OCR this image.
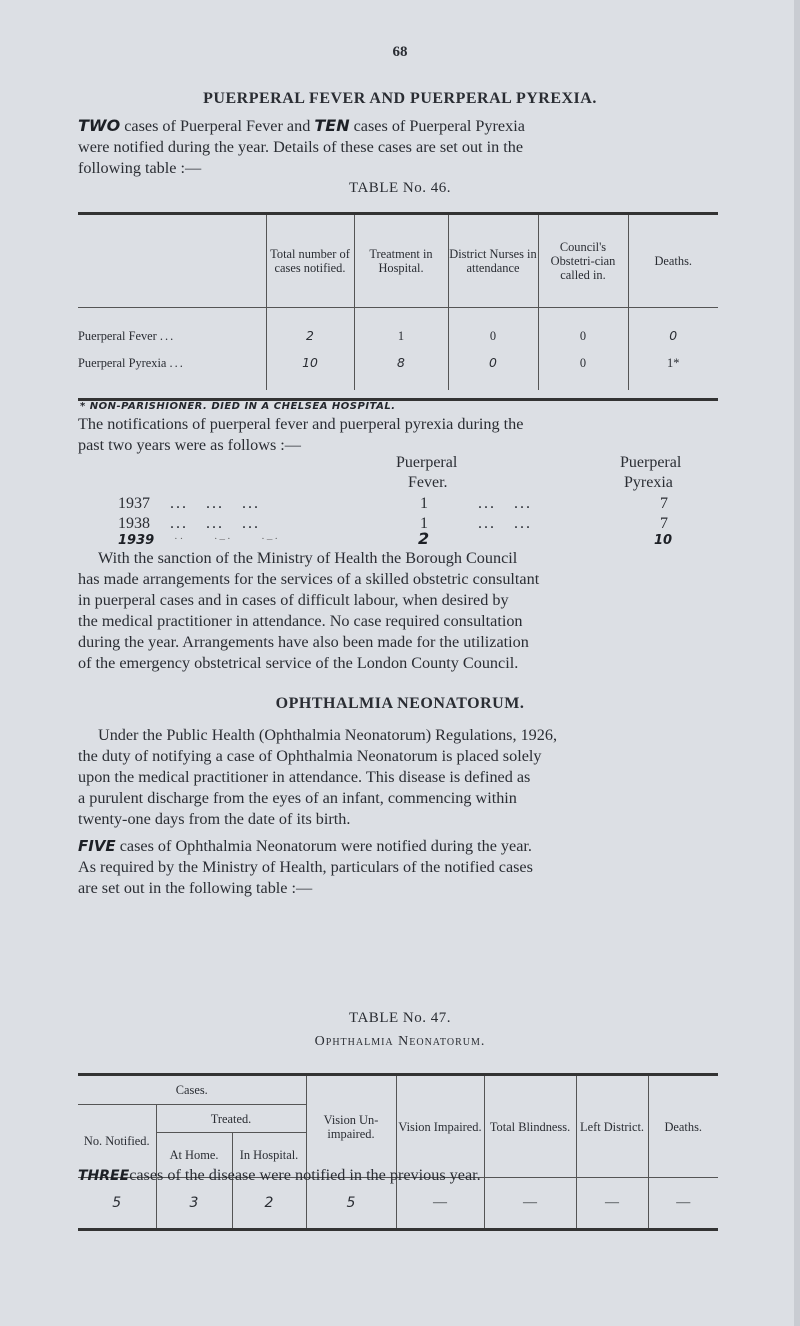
68
PUERPERAL FEVER AND PUERPERAL PYREXIA.

TWO cases of Puerperal Fever and TEN cases of Puerperal Pyrexia

were notified during the year. Details of these cases are set out in the

following table :—

TABLE No. 46.

	Total number of cases notified.	Treatment in Hospital.	District Nurses in attendance	Council's Obstetri-cian called in.	Deaths.

Puerperal Fever ...	2	1	0	0	0
Puerperal Pyrexia ...	10	8	0	0	1*

* NON-PARISHIONER. DIED IN A CHELSEA HOSPITAL.

The notifications of puerperal fever and puerperal pyrexia during the

past two years were as follows :—

Puerperal
Fever.
Puerperal
Pyrexia
1937 ...   ...   ...	1	...   ...	7
1938 ...   ...   ...	1	...   ...	7
1939 ··      ·–·      ·–·	2	10

With the sanction of the Ministry of Health the Borough Council

has made arrangements for the services of a skilled obstetric consultant

in puerperal cases and in cases of difficult labour, when desired by

the medical practitioner in attendance. No case required consultation

during the year. Arrangements have also been made for the utilization

of the emergency obstetrical service of the London County Council.

OPHTHALMIA NEONATORUM.

Under the Public Health (Ophthalmia Neonatorum) Regulations, 1926,

the duty of notifying a case of Ophthalmia Neonatorum is placed solely

upon the medical practitioner in attendance. This disease is defined as

a purulent discharge from the eyes of an infant, commencing within

twenty-one days from the date of its birth.

FIVE cases of Ophthalmia Neonatorum were notified during the year.

As required by the Ministry of Health, particulars of the notified cases

are set out in the following table :—

TABLE No. 47.
Ophthalmia Neonatorum.
Cases.			Vision Un-impaired.	Vision Impaired.	Total Blindness.	Left District.	Deaths.
No. Notified.	Treated.						
	At Home.	In Hospital.					
5	3	2	5	—	—	—	—

THREEcases of the disease were notified in the previous year.
